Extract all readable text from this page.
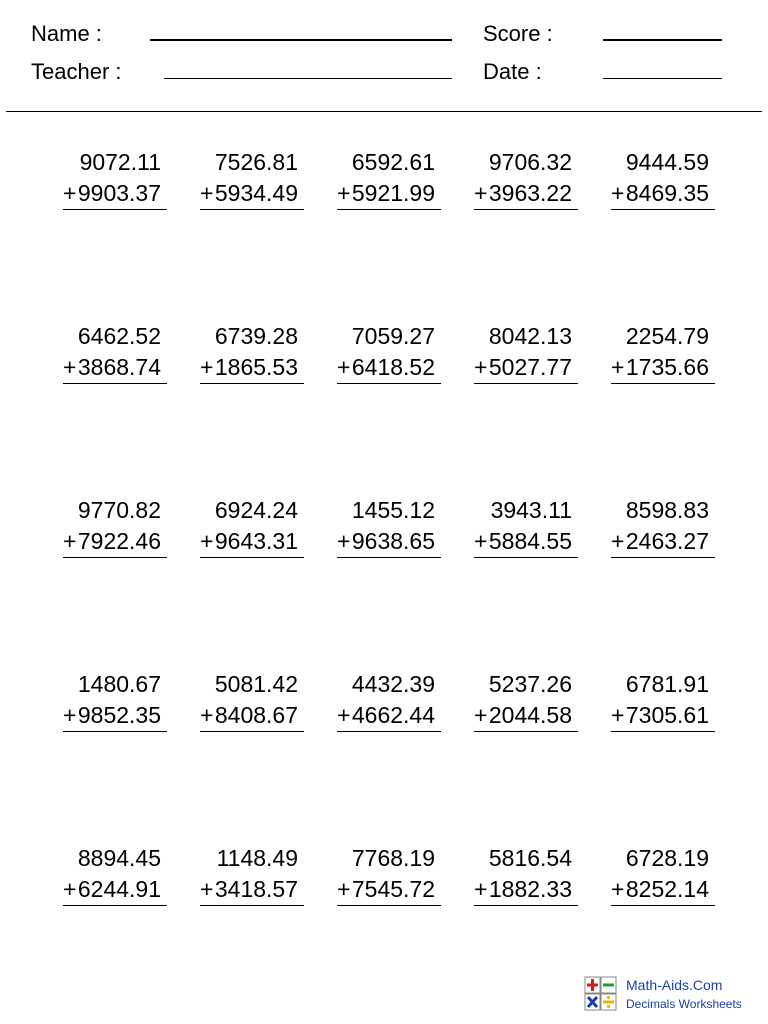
Name :
Teacher :
Score :
Date :
9072.11
+ 9903.37
7526.81
+ 5934.49
6592.61
+ 5921.99
9706.32
+ 3963.22
9444.59
+ 8469.35
6462.52
+ 3868.74
6739.28
+ 1865.53
7059.27
+ 6418.52
8042.13
+ 5027.77
2254.79
+ 1735.66
9770.82
+ 7922.46
6924.24
+ 9643.31
1455.12
+ 9638.65
3943.11
+ 5884.55
8598.83
+ 2463.27
1480.67
+ 9852.35
5081.42
+ 8408.67
4432.39
+ 4662.44
5237.26
+ 2044.58
6781.91
+ 7305.61
8894.45
+ 6244.91
1148.49
+ 3418.57
7768.19
+ 7545.72
5816.54
+ 1882.33
6728.19
+ 8252.14
Math-Aids.Com
Decimals Worksheets
